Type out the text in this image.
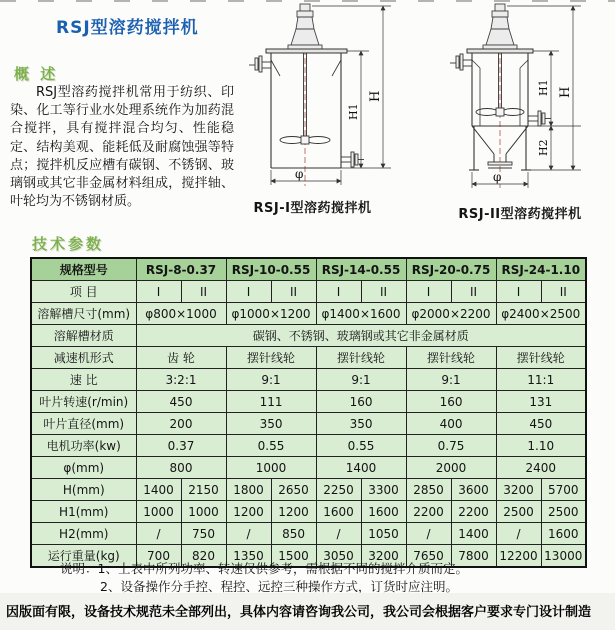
RSJ型溶药搅拌机
概 述
RSJ型溶药搅拌机常用于纺织、印染、化工等行业水处理系统作为加药混合搅拌，具有搅拌混合均匀、性能稳定、结构美观、能耗低及耐腐蚀强等特点；搅拌机反应槽有碳钢、不锈钢、玻璃钢或其它非金属材料组成，搅拌轴、叶轮均为不锈钢材质。
H1
H
φ
RSJ-I型溶药搅拌机
H1
H2
H
φ
RSJ-II型溶药搅拌机
技术参数
规格型号	RSJ-8-0.37		RSJ-10-0.55		RSJ-14-0.55		RSJ-20-0.75		RSJ-24-1.10	
项 目	I	II	I	II	I	II	I	II	I	II
溶解槽尺寸(mm)	φ800×1000		φ1000×1200		φ1400×1600		φ2000×2200		φ2400×2500	
溶解槽材质	碳钢、不锈钢、玻璃钢或其它非金属材质									
减速机形式	齿 轮		摆针线轮		摆针线轮		摆针线轮		摆针线轮	
速 比	3:2:1		9:1		9:1		9:1		11:1	
叶片转速(r/min)	450		111		160		160		131	
叶片直径(mm)	200		350		350		400		450	
电机功率(kw)	0.37		0.55		0.55		0.75		1.10	
φ(mm)	800		1000		1400		2000		2400	
H(mm)	1400	2150	1800	2650	2250	3300	2850	3600	3200	5700
H1(mm)	1000	1000	1200	1200	1600	1600	2200	2200	2500	2500
H2(mm)	/	750	/	850	/	1050	/	1400	/	1600
运行重量(kg)	700	820	1350	1500	3050	3200	7650	7800	12200	13000
说明：1、上表中所列功率、转速仅供参考，需根据不同的搅拌介质而定。
2、设备操作分手控、程控、远控三种操作方式，订货时应注明。
因版面有限，设备技术规范未全部列出，具体内容请咨询我公司，我公司会根据客户要求专门设计制造
